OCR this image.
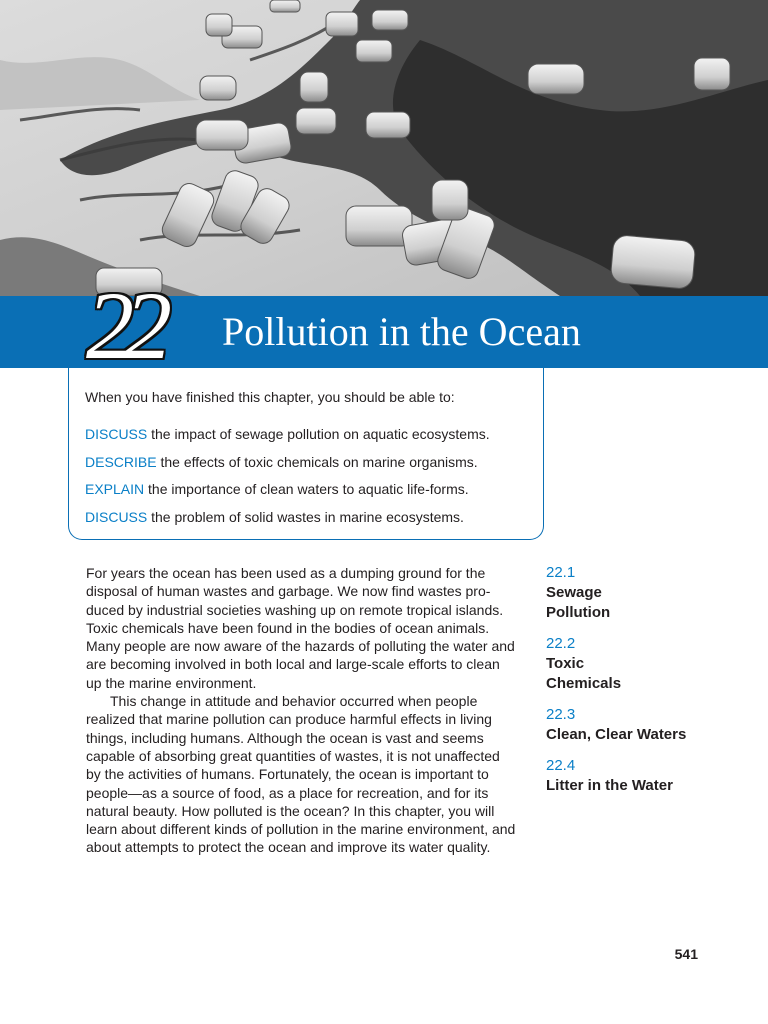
22	Pollution in the Ocean
When you have finished this chapter, you should be able to:
DISCUSS the impact of sewage pollution on aquatic ecosystems.
DESCRIBE the effects of toxic chemicals on marine organisms.
EXPLAIN the importance of clean waters to aquatic life-forms.
DISCUSS the problem of solid wastes in marine ecosystems.

For years the ocean has been used as a dumping ground for the disposal of human wastes and garbage. We now find wastes pro-duced by industrial societies washing up on remote tropical islands. Toxic chemicals have been found in the bodies of ocean animals. Many people are now aware of the hazards of polluting the water and are becoming involved in both local and large-scale efforts to clean up the marine environment.

This change in attitude and behavior occurred when people realized that marine pollution can produce harmful effects in living things, including humans. Although the ocean is vast and seems capable of absorbing great quantities of wastes, it is not unaffected by the activities of humans. Fortunately, the ocean is important to people—as a source of food, as a place for recreation, and for its natural beauty. How polluted is the ocean? In this chapter, you will learn about different kinds of pollution in the marine environment, and about attempts to protect the ocean and improve its water quality.

22.1
Sewage
Pollution
22.2
Toxic
Chemicals
22.3
Clean, Clear Waters
22.4
Litter in the Water
541
